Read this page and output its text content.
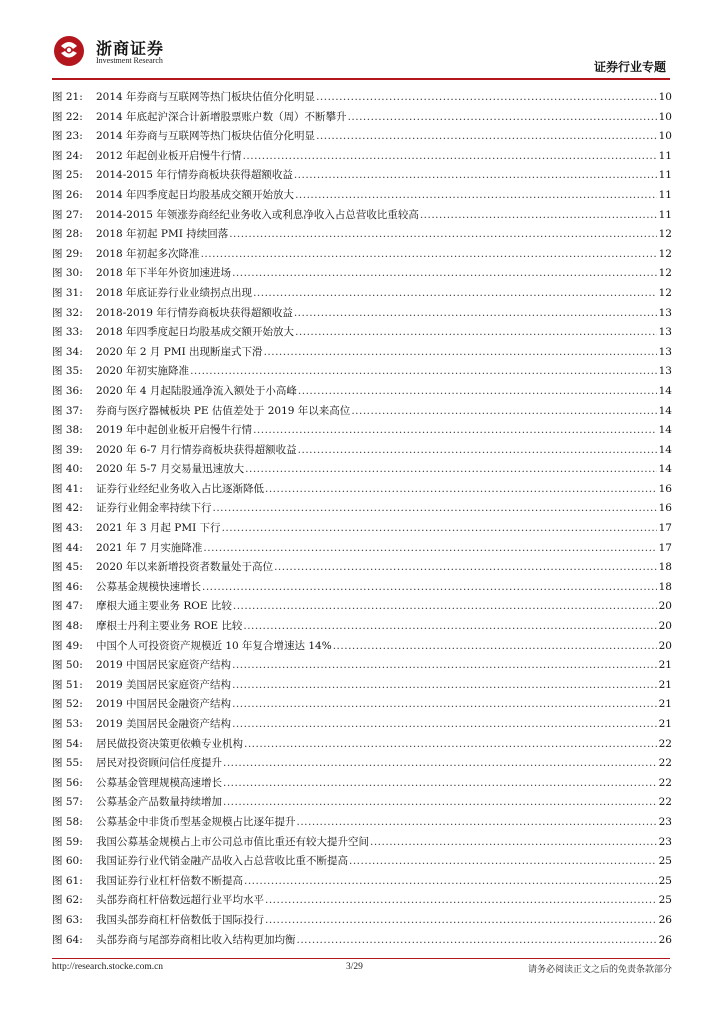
浙商证券
Investment Research	证券行业专题
图 21:	2014 年券商与互联网等热门板块估值分化明显 .....	10
图 22:	2014 年底起沪深合计新增股票账户数（周）不断攀升 .....	10
图 23:	2014 年券商与互联网等热门板块估值分化明显 .....	10
图 24:	2012 年起创业板开启慢牛行情 .....	11
图 25:	2014-2015 年行情券商板块获得超额收益 .....	11
图 26:	2014 年四季度起日均股基成交额开始放大 .....	11
图 27:	2014-2015 年领涨券商经纪业务收入或利息净收入占总营收比重较高 .....	11
图 28:	2018 年初起 PMI 持续回落 .....	12
图 29:	2018 年初起多次降准 .....	12
图 30:	2018 年下半年外资加速进场 .....	12
图 31:	2018 年底证券行业业绩拐点出现 .....	12
图 32:	2018-2019 年行情券商板块获得超额收益 .....	13
图 33:	2018 年四季度起日均股基成交额开始放大 .....	13
图 34:	2020 年 2 月 PMI 出现断崖式下滑 .....	13
图 35:	2020 年初实施降准 .....	13
图 36:	2020 年 4 月起陆股通净流入额处于小高峰 .....	14
图 37:	券商与医疗器械板块 PE 估值差处于 2019 年以来高位 .....	14
图 38:	2019 年中起创业板开启慢牛行情 .....	14
图 39:	2020 年 6-7 月行情券商板块获得超额收益 .....	14
图 40:	2020 年 5-7 月交易量迅速放大 .....	14
图 41:	证券行业经纪业务收入占比逐渐降低 .....	16
图 42:	证券行业佣金率持续下行 .....	16
图 43:	2021 年 3 月起 PMI 下行 .....	17
图 44:	2021 年 7 月实施降准 .....	17
图 45:	2020 年以来新增投资者数量处于高位 .....	18
图 46:	公募基金规模快速增长 .....	18
图 47:	摩根大通主要业务 ROE 比较 .....	20
图 48:	摩根士丹利主要业务 ROE 比较 .....	20
图 49:	中国个人可投资资产规模近 10 年复合增速达 14% .....	20
图 50:	2019 中国居民家庭资产结构 .....	21
图 51:	2019 美国居民家庭资产结构 .....	21
图 52:	2019 中国居民金融资产结构 .....	21
图 53:	2019 美国居民金融资产结构 .....	21
图 54:	居民做投资决策更依赖专业机构 .....	22
图 55:	居民对投资顾问信任度提升 .....	22
图 56:	公募基金管理规模高速增长 .....	22
图 57:	公募基金产品数量持续增加 .....	22
图 58:	公募基金中非货币型基金规模占比逐年提升 .....	23
图 59:	我国公募基金规模占上市公司总市值比重还有较大提升空间 .....	23
图 60:	我国证券行业代销金融产品收入占总营收比重不断提高 .....	25
图 61:	我国证券行业杠杆倍数不断提高 .....	25
图 62:	头部券商杠杆倍数远超行业平均水平 .....	25
图 63:	我国头部券商杠杆倍数低于国际投行 .....	26
图 64:	头部券商与尾部券商相比收入结构更加均衡 .....	26
http://research.stocke.com.cn	3/29	请务必阅读正文之后的免责条款部分
